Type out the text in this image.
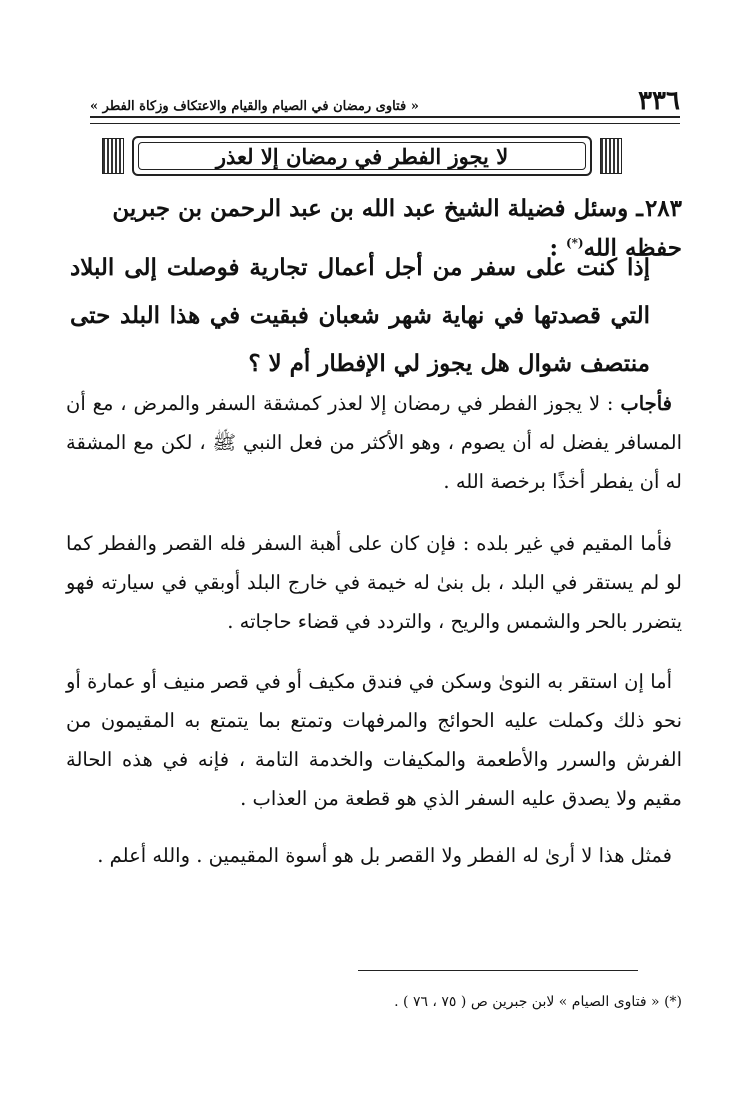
٣٣٦
« فتاوى رمضان في الصيام والقيام والاعتكاف وزكاة الفطر »
لا يجوز الفطر في رمضان إلا لعذر
٢٨٣ـ وسئل فضيلة الشيخ عبد الله بن عبد الرحمن بن جبرين حفظه الله(*) :
إذا كنت على سفر من أجل أعمال تجارية فوصلت إلى البلاد التي قصدتها في نهاية شهر شعبان فبقيت في هذا البلد حتى منتصف شوال هل يجوز لي الإفطار أم لا ؟
فأجاب : لا يجوز الفطر في رمضان إلا لعذر كمشقة السفر والمرض ، مع أن المسافر يفضل له أن يصوم ، وهو الأكثر من فعل النبي ﷺ ، لكن مع المشقة له أن يفطر أخذًا برخصة الله .
فأما المقيم في غير بلده : فإن كان على أهبة السفر فله القصر والفطر كما لو لم يستقر في البلد ، بل بنىٰ له خيمة في خارج البلد أوبقي في سيارته فهو يتضرر بالحر والشمس والريح ، والتردد في قضاء حاجاته .
أما إن استقر به النوىٰ وسكن في فندق مكيف أو في قصر منيف أو عمارة أو نحو ذلك وكملت عليه الحوائج والمرفهات وتمتع بما يتمتع به المقيمون من الفرش والسرر والأطعمة والمكيفات والخدمة التامة ، فإنه في هذه الحالة مقيم ولا يصدق عليه السفر الذي هو قطعة من العذاب .
فمثل هذا لا أرىٰ له الفطر ولا القصر بل هو أسوة المقيمين . والله أعلم .
(*) « فتاوى الصيام » لابن جبرين ص ( ٧٥ ، ٧٦ ) .
